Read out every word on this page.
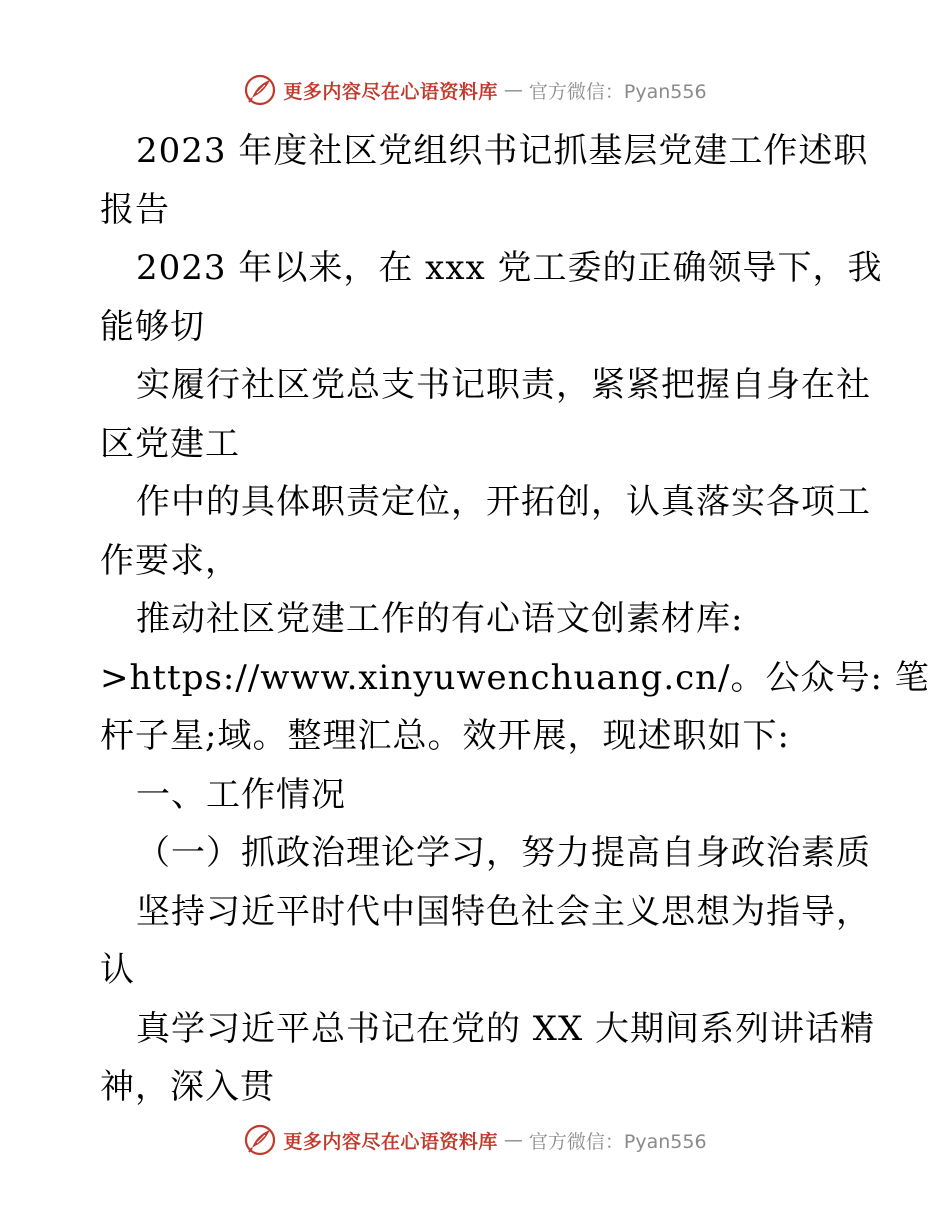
更多内容尽在心语资料库 — 官方微信：Pyan556
2023 年度社区党组织书记抓基层党建工作述职
报告
2023 年以来，在 xxx 党工委的正确领导下，我
能够切
实履行社区党总支书记职责，紧紧把握自身在社
区党建工
作中的具体职责定位，开拓创，认真落实各项工
作要求，
推动社区党建工作的有心语文创素材库:
>https://www.xinyuwenchuang.cn/。公众号: 笔
杆子星;域。整理汇总。效开展，现述职如下:
一、工作情况
（一）抓政治理论学习，努力提高自身政治素质
坚持习近平时代中国特色社会主义思想为指导，
认
真学习近平总书记在党的 XX 大期间系列讲话精
神，深入贯
更多内容尽在心语资料库 — 官方微信：Pyan556
